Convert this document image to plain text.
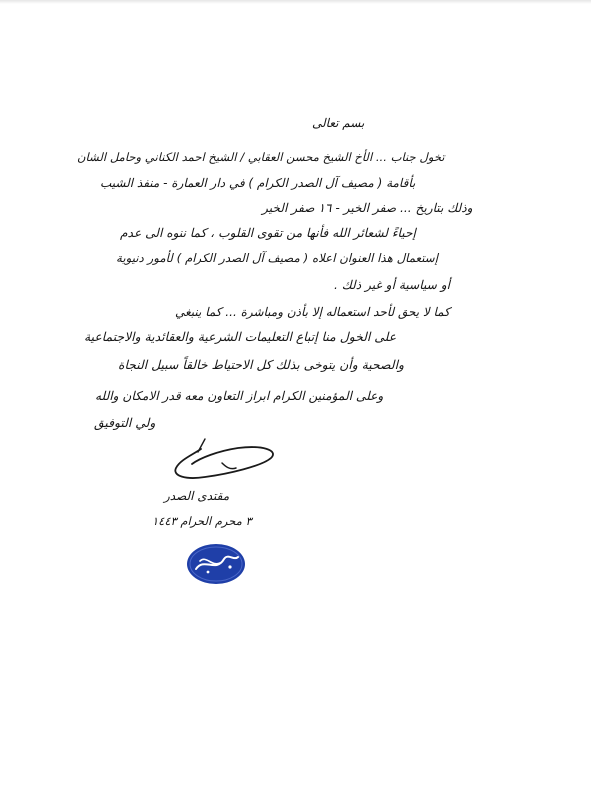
بسم تعالى
تخول جناب ... الأخ الشيخ محسن العقابي / الشيخ احمد الكناني وحامل الشان
بأقامة ( مصيف آل الصدر الكرام ) في دار العمارة - منفذ الشيب
وذلك بتاريخ ... صفر الخير - ١٦ صفر الخير
إحياءً لشعائر الله فأنها من تقوى القلوب ، كما ننوه الى عدم
إستعمال هذا العنوان اعلاه ( مصيف آل الصدر الكرام ) لأمور دنيوية
أو سياسية أو غير ذلك .
كما لا يحق لأحد استعماله إلا بأذن ومباشرة ... كما ينبغي
على الخول منا إتباع التعليمات الشرعية والعقائدية والاجتماعية
والصحية وأن يتوخى بذلك كل الاحتياط خالقاً سبيل النجاة
وعلى المؤمنين الكرام ابراز التعاون معه قدر الامكان والله
ولي التوفيق
مقتدى الصدر
٣ محرم الحرام ١٤٤٣
